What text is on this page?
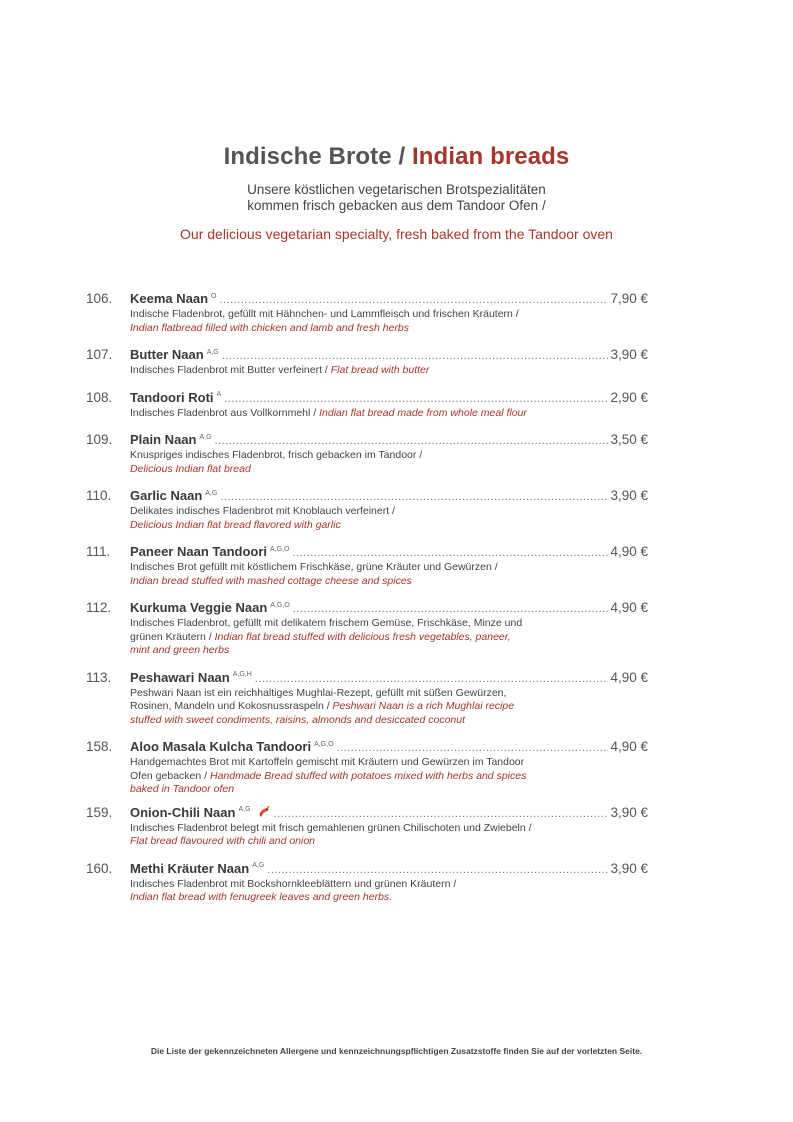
Indische Brote / Indian breads
Unsere köstlichen vegetarischen Brotspezialitäten
kommen frisch gebacken aus dem Tandoor Ofen /
Our delicious vegetarian specialty, fresh baked from the Tandoor oven
106.	Keema Naan $^O$ .....	7,90 €
Indische Fladenbrot, gefüllt mit Hähnchen- und Lammfleisch und frischen Kräutern /
Indian flatbread filled with chicken and lamb and fresh herbs
107.	Butter Naan $^{A,G}$ .....	3,90 €
Indisches Fladenbrot mit Butter verfeinert / Flat bread with butter
108.	Tandoori Roti $^A$ .....	2,90 €
Indisches Fladenbrot aus Vollkornmehl / Indian flat bread made from whole meal flour
109.	Plain Naan $^{A,G}$ .....	3,50 €
Knuspriges indisches Fladenbrot, frisch gebacken im Tandoor /
Delicious Indian flat bread
110.	Garlic Naan $^{A,G}$ .....	3,90 €
Delikates indisches Fladenbrot mit Knoblauch verfeinert /
Delicious Indian flat bread flavored with garlic
111.	Paneer Naan Tandoori $^{A,G,O}$ .....	4,90 €
Indisches Brot gefüllt mit köstlichem Frischkäse, grüne Kräuter und Gewürzen /
Indian bread stuffed with mashed cottage cheese and spices
112.	Kurkuma Veggie Naan $^{A,G,O}$ .....	4,90 €
Indisches Fladenbrot, gefüllt mit delikatem frischem Gemüse, Frischkäse, Minze und grünen Kräutern / Indian flat bread stuffed with delicious fresh vegetables, paneer, mint and green herbs
113.	Peshawari Naan $^{A,G,H}$ .....	4,90 €
Peshwari Naan ist ein reichhaltiges Mughlai-Rezept, gefüllt mit süßen Gewürzen, Rosinen, Mandeln und Kokosnussraspeln / Peshwari Naan is a rich Mughlai recipe stuffed with sweet condiments, raisins, almonds and desiccated coconut
158.	Aloo Masala Kulcha Tandoori $^{A,G,O}$ .....	4,90 €
Handgemachtes Brot mit Kartoffeln gemischt mit Kräutern und Gewürzen im Tandoor Ofen gebacken / Handmade Bread stuffed with potatoes mixed with herbs and spices baked in Tandoor ofen
159.	Onion-Chili Naan $^{A,G}$ .....	3,90 €
Indisches Fladenbrot belegt mit frisch gemahlenen grünen Chilischoten und Zwiebeln /
Flat bread flavoured with chili and onion
160.	Methi Kräuter Naan $^{A,G}$ .....	3,90 €
Indisches Fladenbrot mit Bockshornkleeblättern und grünen Kräutern /
Indian flat bread with fenugreek leaves and green herbs.
Die Liste der gekennzeichneten Allergene und kennzeichnungspflichtigen Zusatzstoffe finden Sie auf der vorletzten Seite.
